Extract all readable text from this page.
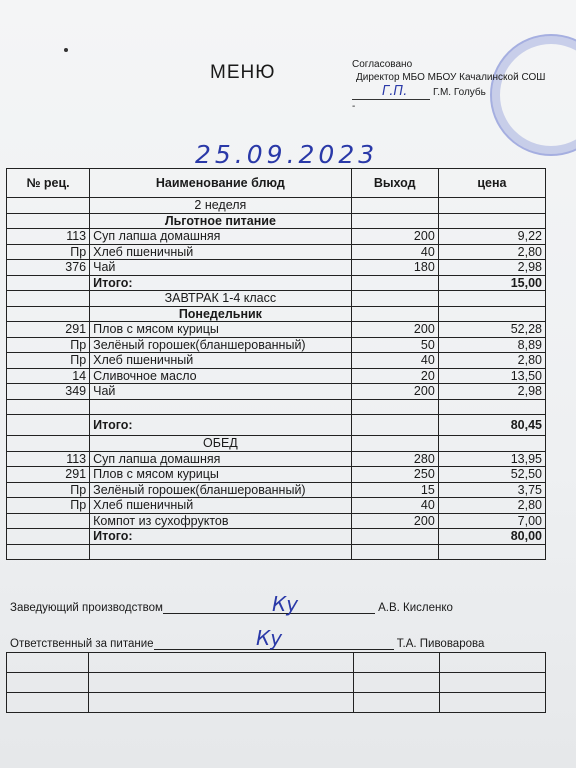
МЕНЮ	Согласовано
Директор МБО МБОУ Качалинской СОШ
Г.П.	Г.М. Голубь
-
25.09.2023
№ рец.	Наименование блюд	Выход	цена
	2 неделя		
	Льготное питание		
113	Суп лапша домашняя	200	9,22
Пр	Хлеб пшеничный	40	2,80
376	Чай	180	2,98
	Итого:		15,00
	ЗАВТРАК 1-4 класс		
	Понедельник		
291	Плов с мясом курицы	200	52,28
Пр	Зелёный горошек(бланшерованный)	50	8,89
Пр	Хлеб пшеничный	40	2,80
14	Сливочное масло	20	13,50
349	Чай	200	2,98

	Итого:		80,45
	ОБЕД		
113	Суп лапша домашняя	280	13,95
291	Плов с мясом курицы	250	52,50
Пр	Зелёный горошек(бланшерованный)	15	3,75
Пр	Хлеб пшеничный	40	2,80
	Компот из сухофруктов	200	7,00
	Итого:		80,00

Заведующий производством	А.В. Кисленко
Ку
Ответственный за питание	Т.А. Пивоварова
Ку
